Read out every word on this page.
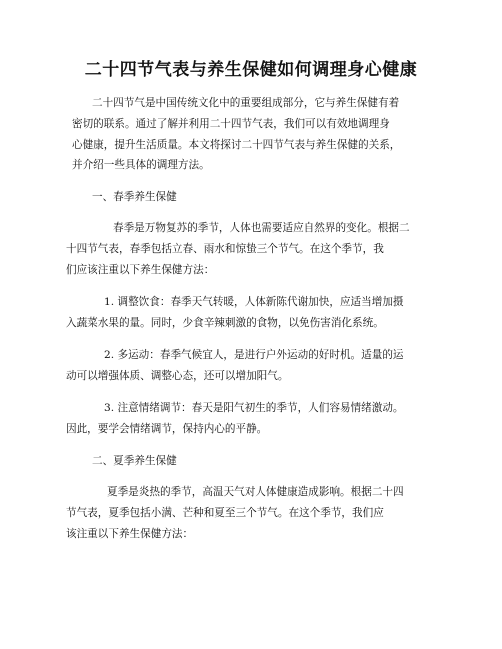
二十四节气表与养生保健如何调理身心健康
二十四节气是中国传统文化中的重要组成部分，它与养生保健有着
密切的联系。通过了解并利用二十四节气表，我们可以有效地调理身
心健康，提升生活质量。本文将探讨二十四节气表与养生保健的关系，
并介绍一些具体的调理方法。
一、春季养生保健
春季是万物复苏的季节，人体也需要适应自然界的变化。根据二
十四节气表，春季包括立春、雨水和惊蛰三个节气。在这个季节，我
们应该注重以下养生保健方法：
1. 调整饮食：春季天气转暖，人体新陈代谢加快，应适当增加摄
入蔬菜水果的量。同时，少食辛辣刺激的食物，以免伤害消化系统。
2. 多运动：春季气候宜人，是进行户外运动的好时机。适量的运
动可以增强体质、调整心态，还可以增加阳气。
3. 注意情绪调节：春天是阳气初生的季节，人们容易情绪激动。
因此，要学会情绪调节，保持内心的平静。
二、夏季养生保健
夏季是炎热的季节，高温天气对人体健康造成影响。根据二十四
节气表，夏季包括小满、芒种和夏至三个节气。在这个季节，我们应
该注重以下养生保健方法：
